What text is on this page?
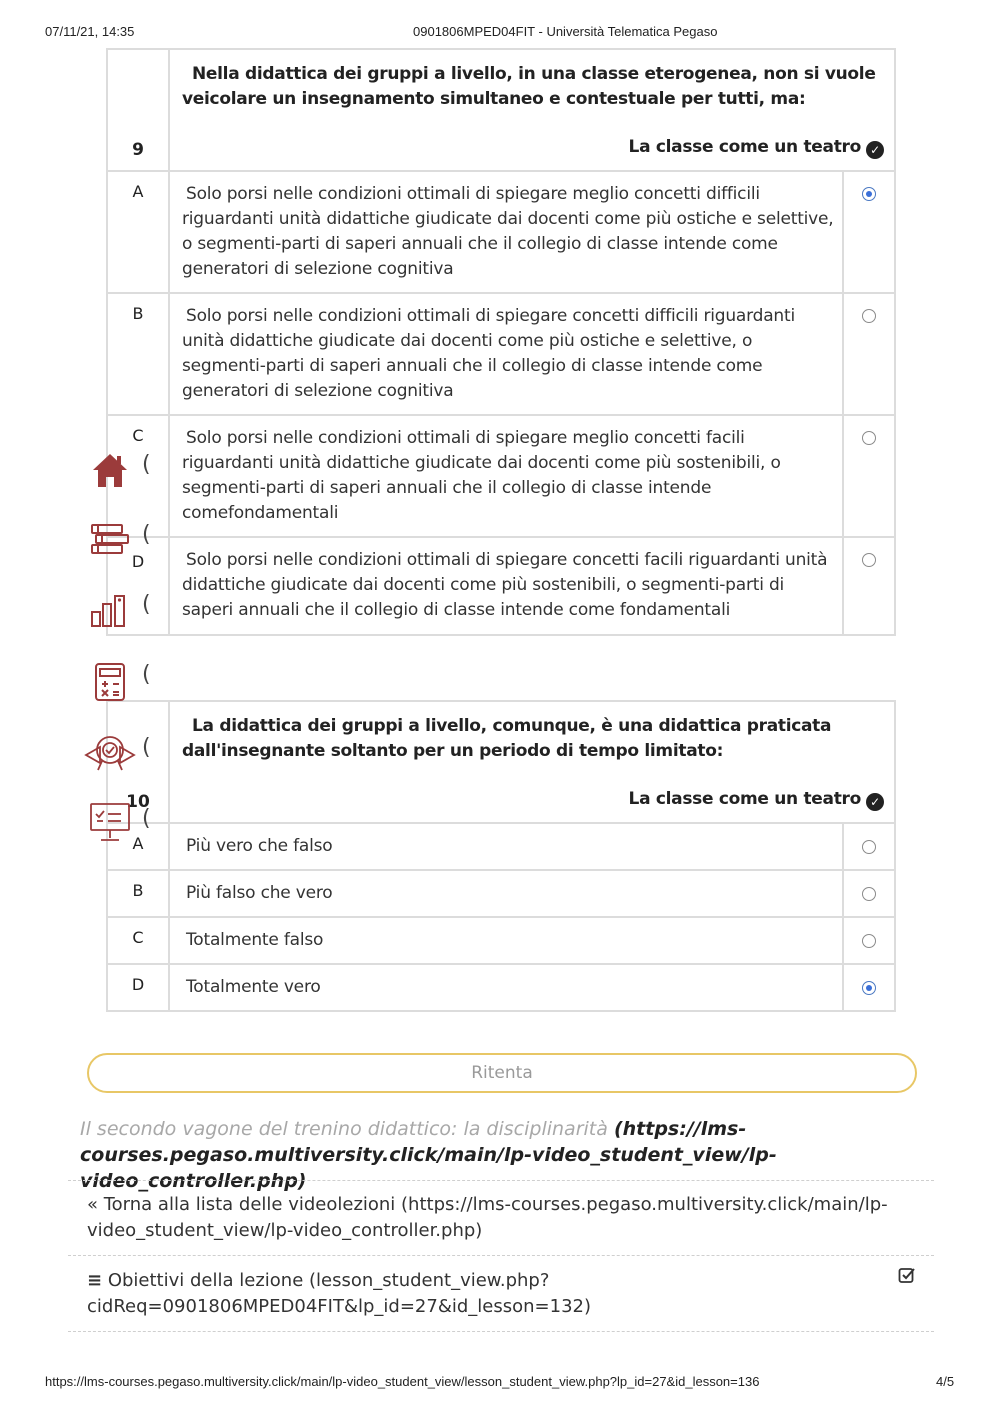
07/11/21, 14:35	0901806MPED04FIT - Università Telematica Pegaso
9	Nella didattica dei gruppi a livello, in una classe eterogenea, non si vuole veicolare un insegnamento simultaneo e contestuale per tutti, ma:
La classe come un teatro ✓	

A	Solo porsi nelle condizioni ottimali di spiegare meglio concetti difficili riguardanti unità didattiche giudicate dai docenti come più ostiche e selettive, o segmenti-parti di saperi annuali che il collegio di classe intende come generatori di selezione cognitiva	
B	Solo porsi nelle condizioni ottimali di spiegare concetti difficili riguardanti unità didattiche giudicate dai docenti come più ostiche e selettive, o segmenti-parti di saperi annuali che il collegio di classe intende come generatori di selezione cognitiva	
C	Solo porsi nelle condizioni ottimali di spiegare meglio concetti facili riguardanti unità didattiche giudicate dai docenti come più sostenibili, o segmenti-parti di saperi annuali che il collegio di classe intende comefondamentali	
D	Solo porsi nelle condizioni ottimali di spiegare concetti facili riguardanti unità didattiche giudicate dai docenti come più sostenibili, o segmenti-parti di saperi annuali che il collegio di classe intende come fondamentali	
10	La didattica dei gruppi a livello, comunque, è una didattica praticata dall'insegnante soltanto per un periodo di tempo limitato:
La classe come un teatro ✓	

A	Più vero che falso	
B	Più falso che vero	
C	Totalmente falso	
D	Totalmente vero	
(
(
(
(
(
(
Ritenta
Il secondo vagone del trenino didattico: la disciplinarità (https://lms-courses.pegaso.multiversity.click/main/lp-video_student_view/lp-video_controller.php)
« Torna alla lista delle videolezioni (https://lms-courses.pegaso.multiversity.click/main/lp-video_student_view/lp-video_controller.php)
≡ Obiettivi della lezione (lesson_student_view.php?cidReq=0901806MPED04FIT&lp_id=27&id_lesson=132)
https://lms-courses.pegaso.multiversity.click/main/lp-video_student_view/lesson_student_view.php?lp_id=27&id_lesson=136	4/5
